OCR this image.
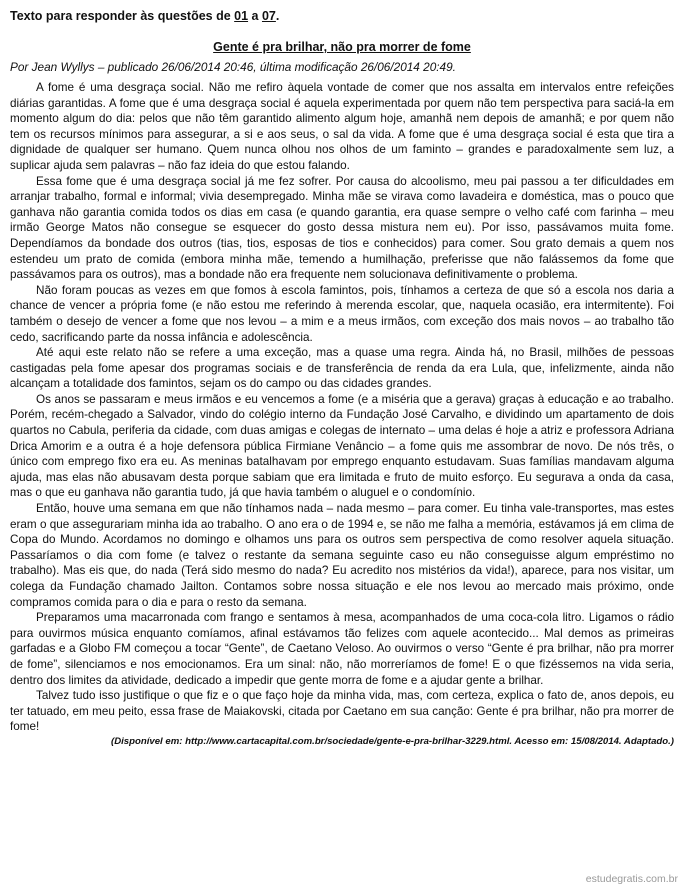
Texto para responder às questões de 01 a 07.
Gente é pra brilhar, não pra morrer de fome
Por Jean Wyllys – publicado 26/06/2014 20:46, última modificação 26/06/2014 20:49.

A fome é uma desgraça social. Não me refiro àquela vontade de comer que nos assalta em intervalos entre refeições diárias garantidas. A fome que é uma desgraça social é aquela experimentada por quem não tem perspectiva para saciá-la em momento algum do dia: pelos que não têm garantido alimento algum hoje, amanhã nem depois de amanhã; e por quem não tem os recursos mínimos para assegurar, a si e aos seus, o sal da vida. A fome que é uma desgraça social é esta que tira a dignidade de qualquer ser humano. Quem nunca olhou nos olhos de um faminto – grandes e paradoxalmente sem luz, a suplicar ajuda sem palavras – não faz ideia do que estou falando.

Essa fome que é uma desgraça social já me fez sofrer. Por causa do alcoolismo, meu pai passou a ter dificuldades em arranjar trabalho, formal e informal; vivia desempregado. Minha mãe se virava como lavadeira e doméstica, mas o pouco que ganhava não garantia comida todos os dias em casa (e quando garantia, era quase sempre o velho café com farinha – meu irmão George Matos não consegue se esquecer do gosto dessa mistura nem eu). Por isso, passávamos muita fome. Dependíamos da bondade dos outros (tias, tios, esposas de tios e conhecidos) para comer. Sou grato demais a quem nos estendeu um prato de comida (embora minha mãe, temendo a humilhação, preferisse que não falássemos da fome que passávamos para os outros), mas a bondade não era frequente nem solucionava definitivamente o problema.

Não foram poucas as vezes em que fomos à escola famintos, pois, tínhamos a certeza de que só a escola nos daria a chance de vencer a própria fome (e não estou me referindo à merenda escolar, que, naquela ocasião, era intermitente). Foi também o desejo de vencer a fome que nos levou – a mim e a meus irmãos, com exceção dos mais novos – ao trabalho tão cedo, sacrificando parte da nossa infância e adolescência.

Até aqui este relato não se refere a uma exceção, mas a quase uma regra. Ainda há, no Brasil, milhões de pessoas castigadas pela fome apesar dos programas sociais e de transferência de renda da era Lula, que, infelizmente, ainda não alcançam a totalidade dos famintos, sejam os do campo ou das cidades grandes.

Os anos se passaram e meus irmãos e eu vencemos a fome (e a miséria que a gerava) graças à educação e ao trabalho. Porém, recém-chegado a Salvador, vindo do colégio interno da Fundação José Carvalho, e dividindo um apartamento de dois quartos no Cabula, periferia da cidade, com duas amigas e colegas de internato – uma delas é hoje a atriz e professora Adriana Drica Amorim e a outra é a hoje defensora pública Firmiane Venâncio – a fome quis me assombrar de novo. De nós três, o único com emprego fixo era eu. As meninas batalhavam por emprego enquanto estudavam. Suas famílias mandavam alguma ajuda, mas elas não abusavam desta porque sabiam que era limitada e fruto de muito esforço. Eu segurava a onda da casa, mas o que eu ganhava não garantia tudo, já que havia também o aluguel e o condomínio.

Então, houve uma semana em que não tínhamos nada – nada mesmo – para comer. Eu tinha vale-transportes, mas estes eram o que assegurariam minha ida ao trabalho. O ano era o de 1994 e, se não me falha a memória, estávamos já em clima de Copa do Mundo. Acordamos no domingo e olhamos uns para os outros sem perspectiva de como resolver aquela situação. Passaríamos o dia com fome (e talvez o restante da semana seguinte caso eu não conseguisse algum empréstimo no trabalho). Mas eis que, do nada (Terá sido mesmo do nada? Eu acredito nos mistérios da vida!), aparece, para nos visitar, um colega da Fundação chamado Jailton. Contamos sobre nossa situação e ele nos levou ao mercado mais próximo, onde compramos comida para o dia e para o resto da semana.

Preparamos uma macarronada com frango e sentamos à mesa, acompanhados de uma coca-cola litro. Ligamos o rádio para ouvirmos música enquanto comíamos, afinal estávamos tão felizes com aquele acontecido... Mal demos as primeiras garfadas e a Globo FM começou a tocar “Gente”, de Caetano Veloso. Ao ouvirmos o verso “Gente é pra brilhar, não pra morrer de fome”, silenciamos e nos emocionamos. Era um sinal: não, não morreríamos de fome! E o que fizéssemos na vida seria, dentro dos limites da atividade, dedicado a impedir que gente morra de fome e a ajudar gente a brilhar.

Talvez tudo isso justifique o que fiz e o que faço hoje da minha vida, mas, com certeza, explica o fato de, anos depois, eu ter tatuado, em meu peito, essa frase de Maiakovski, citada por Caetano em sua canção: Gente é pra brilhar, não pra morrer de fome!

(Disponível em: http://www.cartacapital.com.br/sociedade/gente-e-pra-brilhar-3229.html. Acesso em: 15/08/2014. Adaptado.)
estudegratis.com.br
